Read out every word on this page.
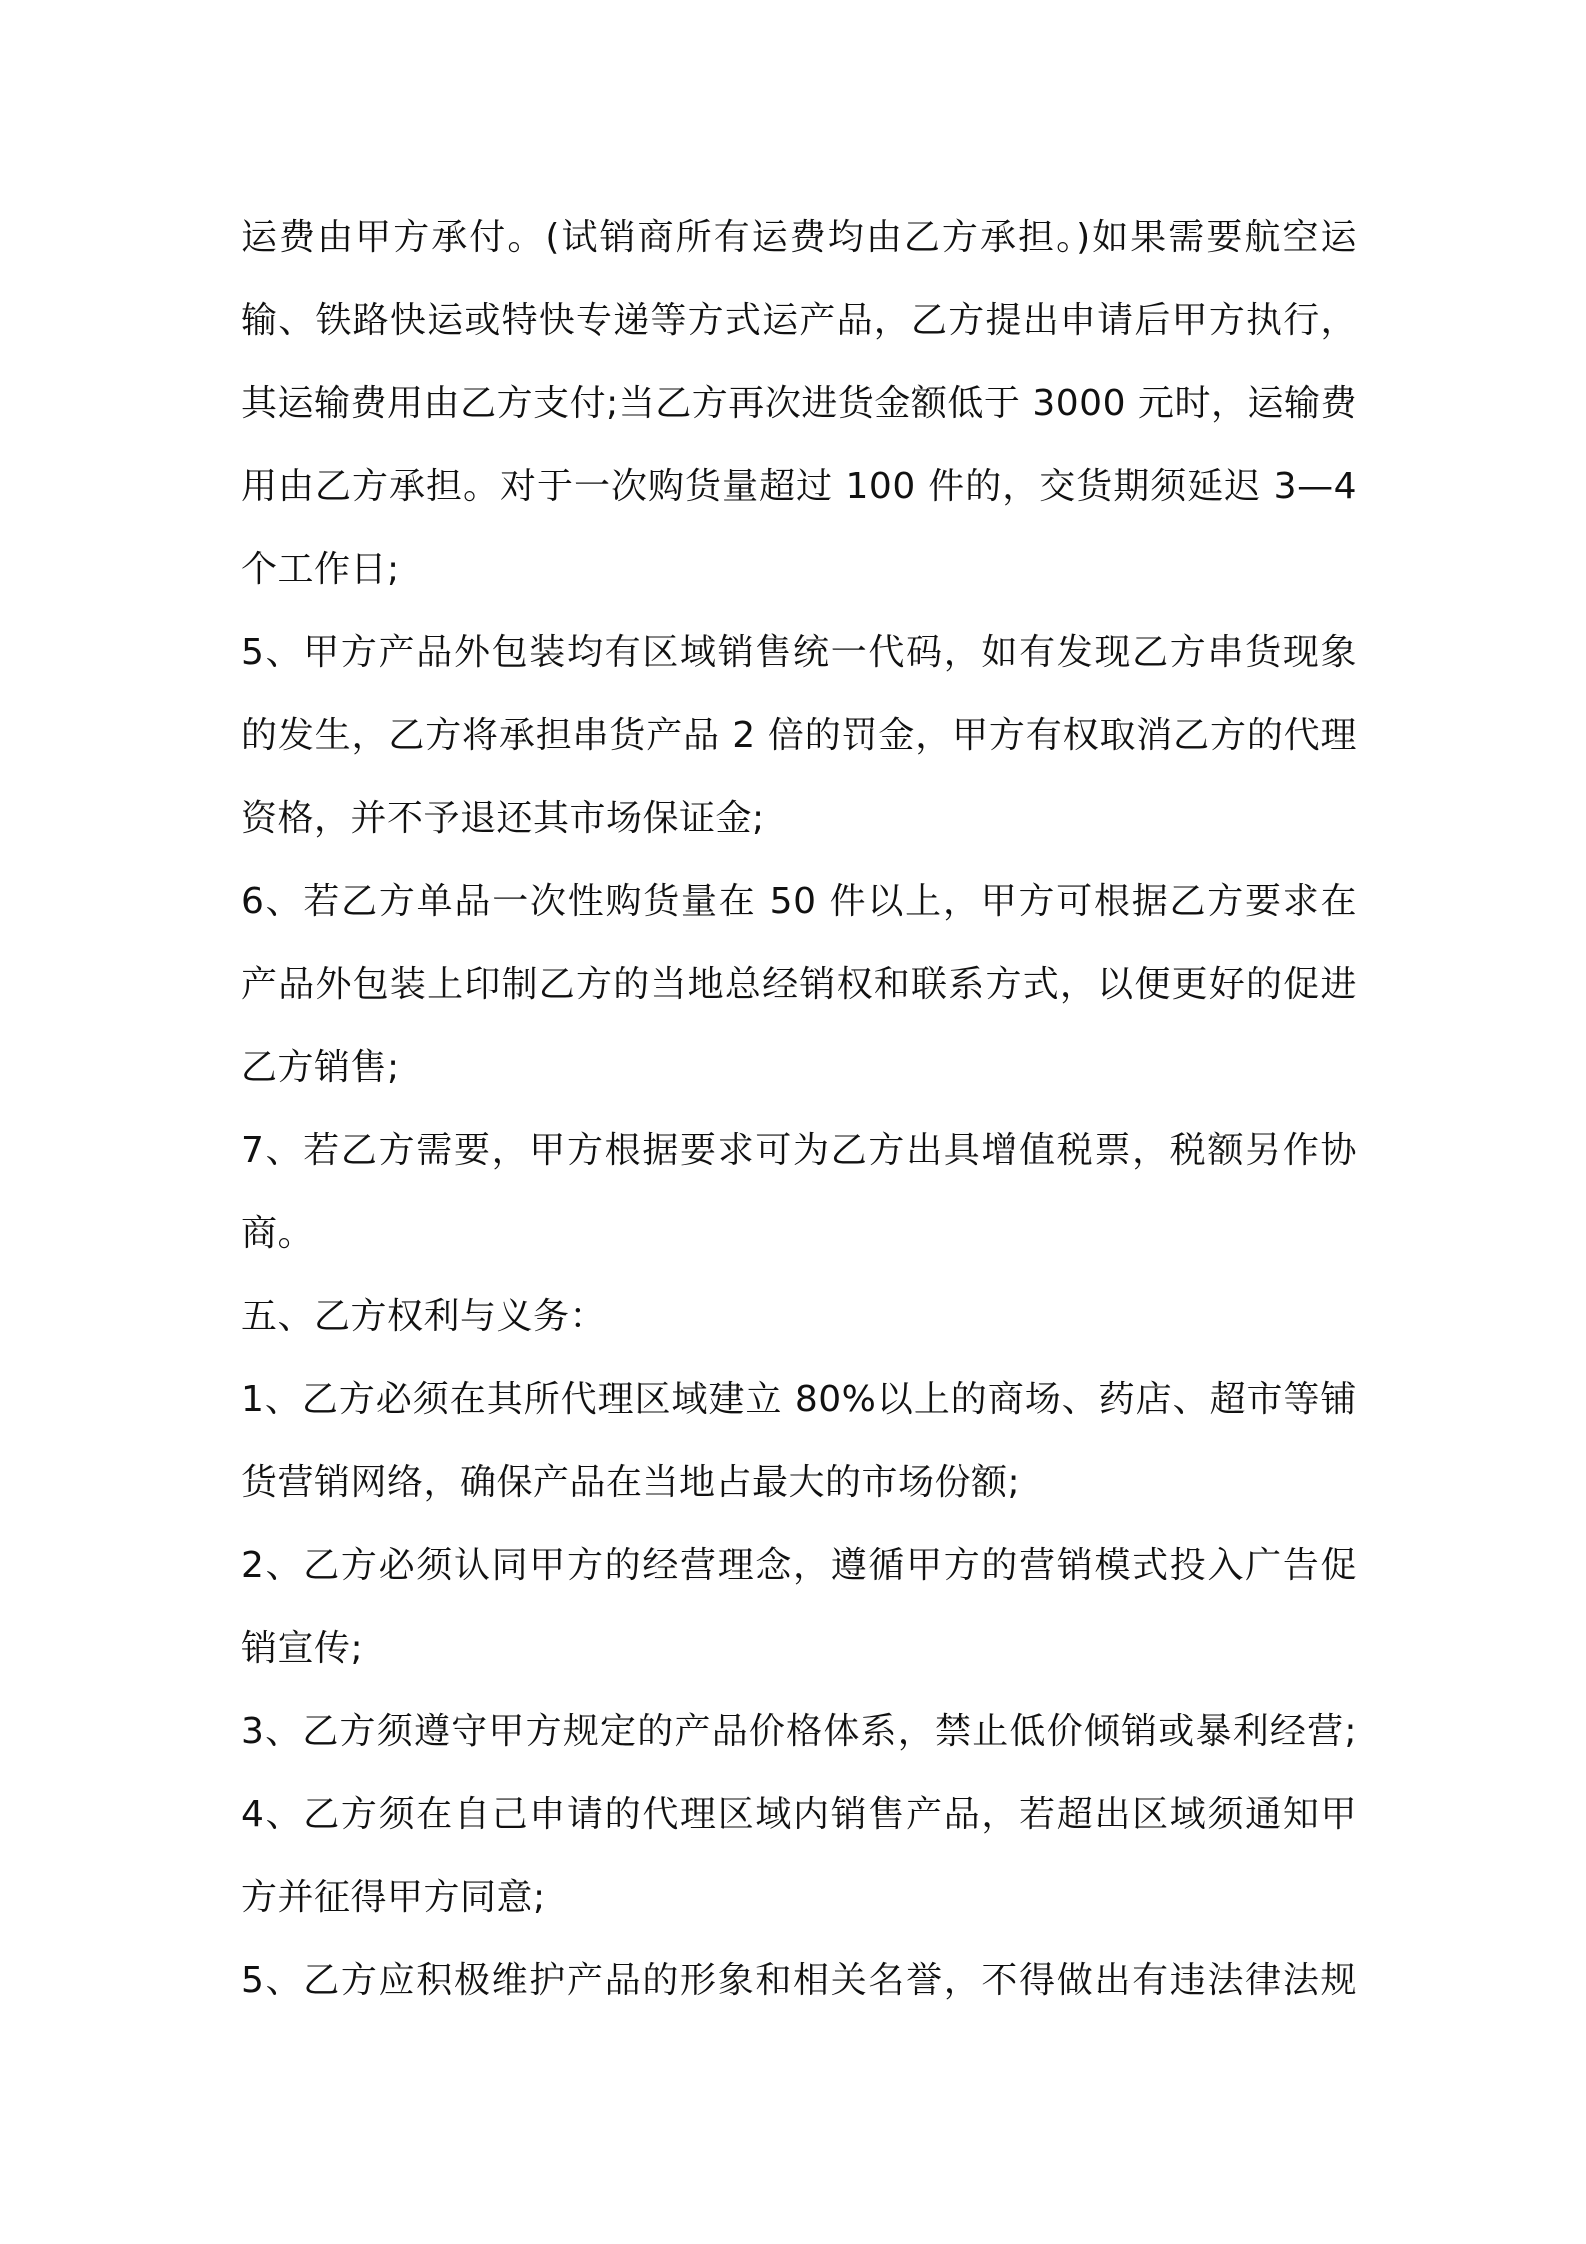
运费由甲方承付。(试销商所有运费均由乙方承担。)如果需要航空运
输、铁路快运或特快专递等方式运产品，乙方提出申请后甲方执行，
其运输费用由乙方支付;当乙方再次进货金额低于 3000 元时，运输费
用由乙方承担。对于一次购货量超过 100 件的，交货期须延迟 3—4
个工作日;
5、甲方产品外包装均有区域销售统一代码，如有发现乙方串货现象
的发生，乙方将承担串货产品 2 倍的罚金，甲方有权取消乙方的代理
资格，并不予退还其市场保证金;
6、若乙方单品一次性购货量在 50 件以上，甲方可根据乙方要求在
产品外包装上印制乙方的当地总经销权和联系方式，以便更好的促进
乙方销售;
7、若乙方需要，甲方根据要求可为乙方出具增值税票，税额另作协
商。
五、乙方权利与义务：
1、乙方必须在其所代理区域建立 80%以上的商场、药店、超市等铺
货营销网络，确保产品在当地占最大的市场份额;
2、乙方必须认同甲方的经营理念，遵循甲方的营销模式投入广告促
销宣传;
3、乙方须遵守甲方规定的产品价格体系，禁止低价倾销或暴利经营;
4、乙方须在自己申请的代理区域内销售产品，若超出区域须通知甲
方并征得甲方同意;
5、乙方应积极维护产品的形象和相关名誉，不得做出有违法律法规
